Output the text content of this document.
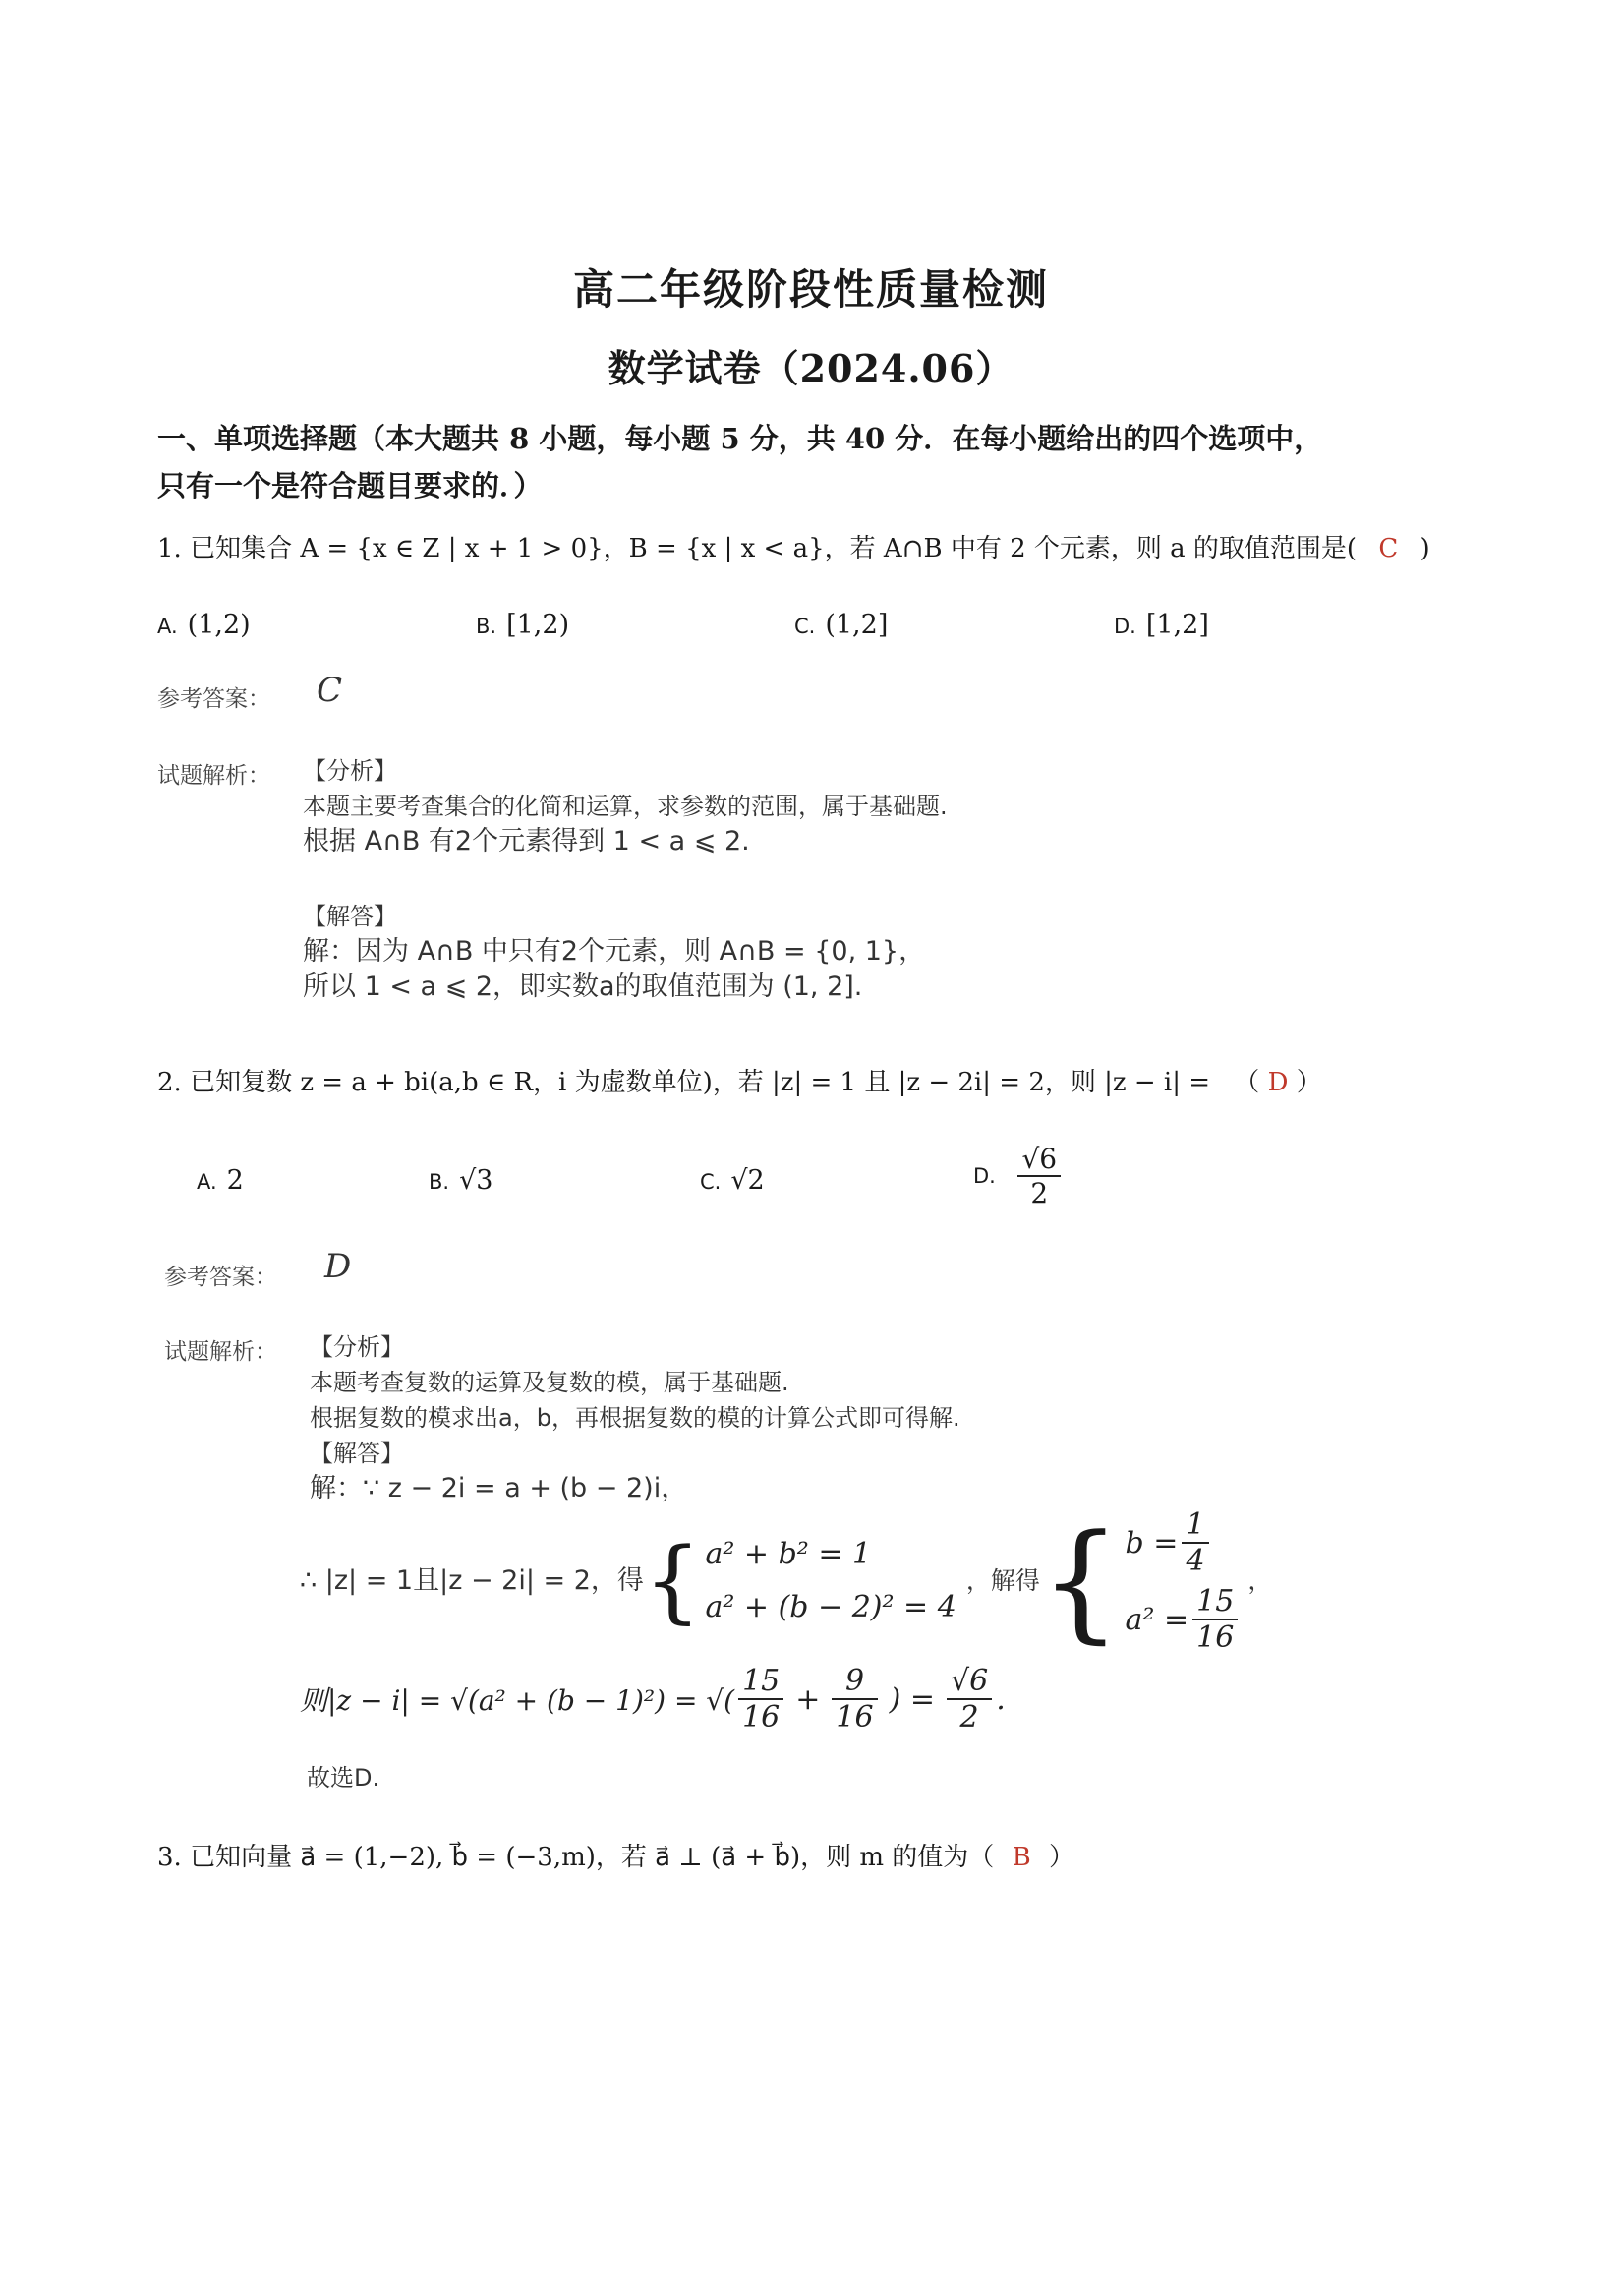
高二年级阶段性质量检测
数学试卷（2024.06）
一、单项选择题（本大题共 8 小题，每小题 5 分，共 40 分．在每小题给出的四个选项中，
只有一个是符合题目要求的．）
1. 已知集合 A = {x ∈ Z | x + 1 > 0}，B = {x | x < a}，若 A∩B 中有 2 个元素，则 a 的取值范围是( C )
A. (1,2)	B. [1,2)	C. (1,2]	D. [1,2]
参考答案： C
试题解析： 【分析】
本题主要考查集合的化简和运算，求参数的范围，属于基础题.
根据 A∩B 有2个元素得到 1 < a ⩽ 2.
【解答】
解：因为 A∩B 中只有2个元素，则 A∩B = {0, 1}，
所以 1 < a ⩽ 2，即实数a的取值范围为 (1, 2].
2. 已知复数 z = a + bi(a,b ∈ R，i 为虚数单位)，若 |z| = 1 且 |z − 2i| = 2，则 |z − i| = （ D ）
A. 2	B. √3	C. √2	D. $\frac{√6}{2}$
参考答案： D
试题解析： 【分析】
本题考查复数的运算及复数的模，属于基础题.
根据复数的模求出a，b，再根据复数的模的计算公式即可得解.
【解答】
解：∵ z − 2i = a + (b − 2)i，
∴ |z| = 1且|z − 2i| = 2，得 { a² + b² = 1
a² + (b − 2)² = 4
，解得 { $b = \frac{1}{4}$
$a^2 = \frac{15}{16}$
，
则|z − i| = √(a² + (b − 1)²) = √( $\frac{15}{16} + \frac{9}{16}$ ) = $\frac{√6}{2}$ .
故选D.
3. 已知向量 a⃗ = (1,−2), b⃗ = (−3,m)，若 a⃗ ⊥ (a⃗ + b⃗)，则 m 的值为（ B ）
